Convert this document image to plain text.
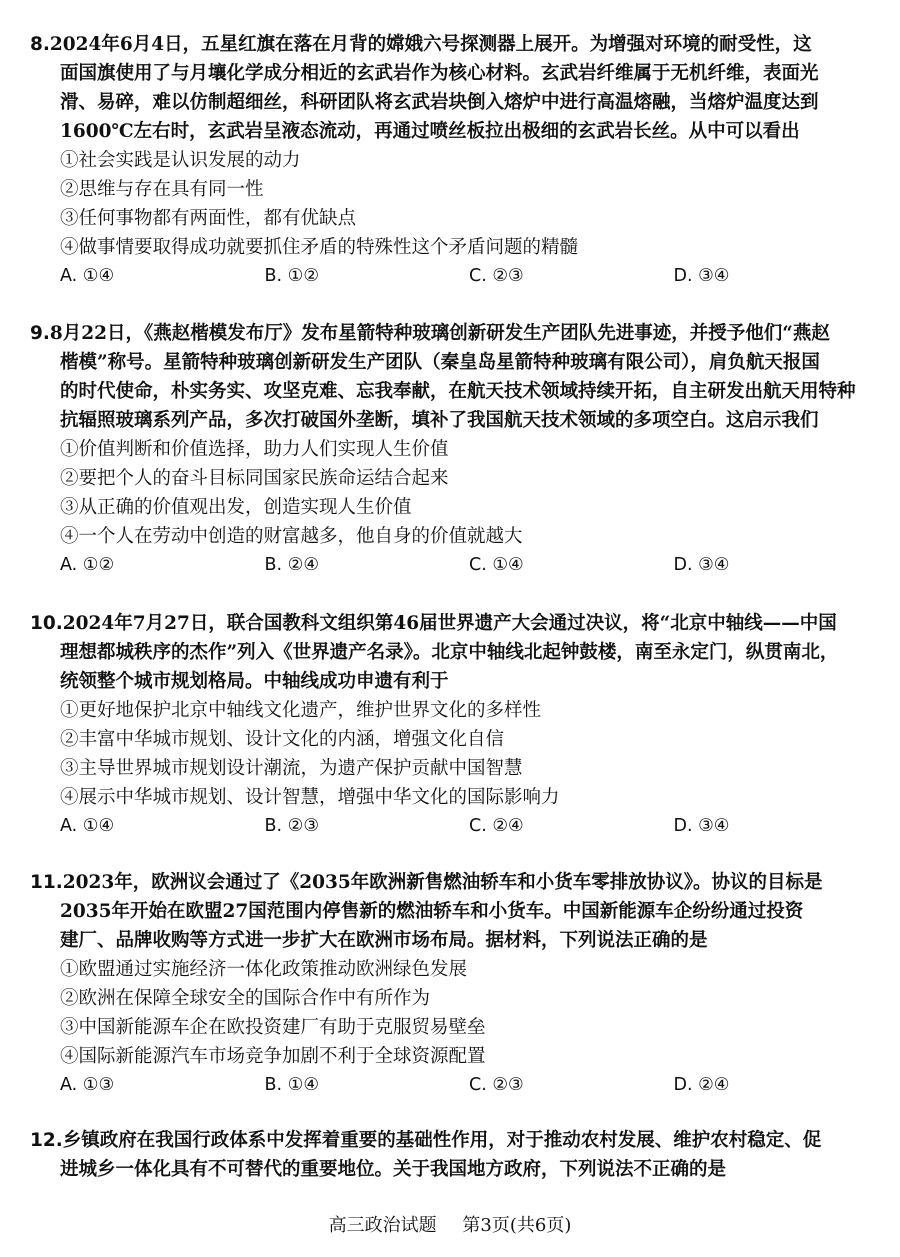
8.2024年6月4日，五星红旗在落在月背的嫦娥六号探测器上展开。为增强对环境的耐受性，这
面国旗使用了与月壤化学成分相近的玄武岩作为核心材料。玄武岩纤维属于无机纤维，表面光
滑、易碎，难以仿制超细丝，科研团队将玄武岩块倒入熔炉中进行高温熔融，当熔炉温度达到
1600℃左右时，玄武岩呈液态流动，再通过喷丝板拉出极细的玄武岩长丝。从中可以看出
①社会实践是认识发展的动力
②思维与存在具有同一性
③任何事物都有两面性，都有优缺点
④做事情要取得成功就要抓住矛盾的特殊性这个矛盾问题的精髓
A. ①④	B. ①②	C. ②③	D. ③④
9.8月22日，《燕赵楷模发布厅》发布星箭特种玻璃创新研发生产团队先进事迹，并授予他们“燕赵
楷模”称号。星箭特种玻璃创新研发生产团队（秦皇岛星箭特种玻璃有限公司），肩负航天报国
的时代使命，朴实务实、攻坚克难、忘我奉献，在航天技术领域持续开拓，自主研发出航天用特种
抗辐照玻璃系列产品，多次打破国外垄断，填补了我国航天技术领域的多项空白。这启示我们
①价值判断和价值选择，助力人们实现人生价值
②要把个人的奋斗目标同国家民族命运结合起来
③从正确的价值观出发，创造实现人生价值
④一个人在劳动中创造的财富越多，他自身的价值就越大
A. ①②	B. ②④	C. ①④	D. ③④
10.2024年7月27日，联合国教科文组织第46届世界遗产大会通过决议，将“北京中轴线——中国
理想都城秩序的杰作”列入《世界遗产名录》。北京中轴线北起钟鼓楼，南至永定门，纵贯南北，
统领整个城市规划格局。中轴线成功申遗有利于
①更好地保护北京中轴线文化遗产，维护世界文化的多样性
②丰富中华城市规划、设计文化的内涵，增强文化自信
③主导世界城市规划设计潮流，为遗产保护贡献中国智慧
④展示中华城市规划、设计智慧，增强中华文化的国际影响力
A. ①④	B. ②③	C. ②④	D. ③④
11.2023年，欧洲议会通过了《2035年欧洲新售燃油轿车和小货车零排放协议》。协议的目标是
2035年开始在欧盟27国范围内停售新的燃油轿车和小货车。中国新能源车企纷纷通过投资
建厂、品牌收购等方式进一步扩大在欧洲市场布局。据材料，下列说法正确的是
①欧盟通过实施经济一体化政策推动欧洲绿色发展
②欧洲在保障全球安全的国际合作中有所作为
③中国新能源车企在欧投资建厂有助于克服贸易壁垒
④国际新能源汽车市场竞争加剧不利于全球资源配置
A. ①③	B. ①④	C. ②③	D. ②④
12.乡镇政府在我国行政体系中发挥着重要的基础性作用，对于推动农村发展、维护农村稳定、促
进城乡一体化具有不可替代的重要地位。关于我国地方政府，下列说法不正确的是
高三政治试题 第3页(共6页)
